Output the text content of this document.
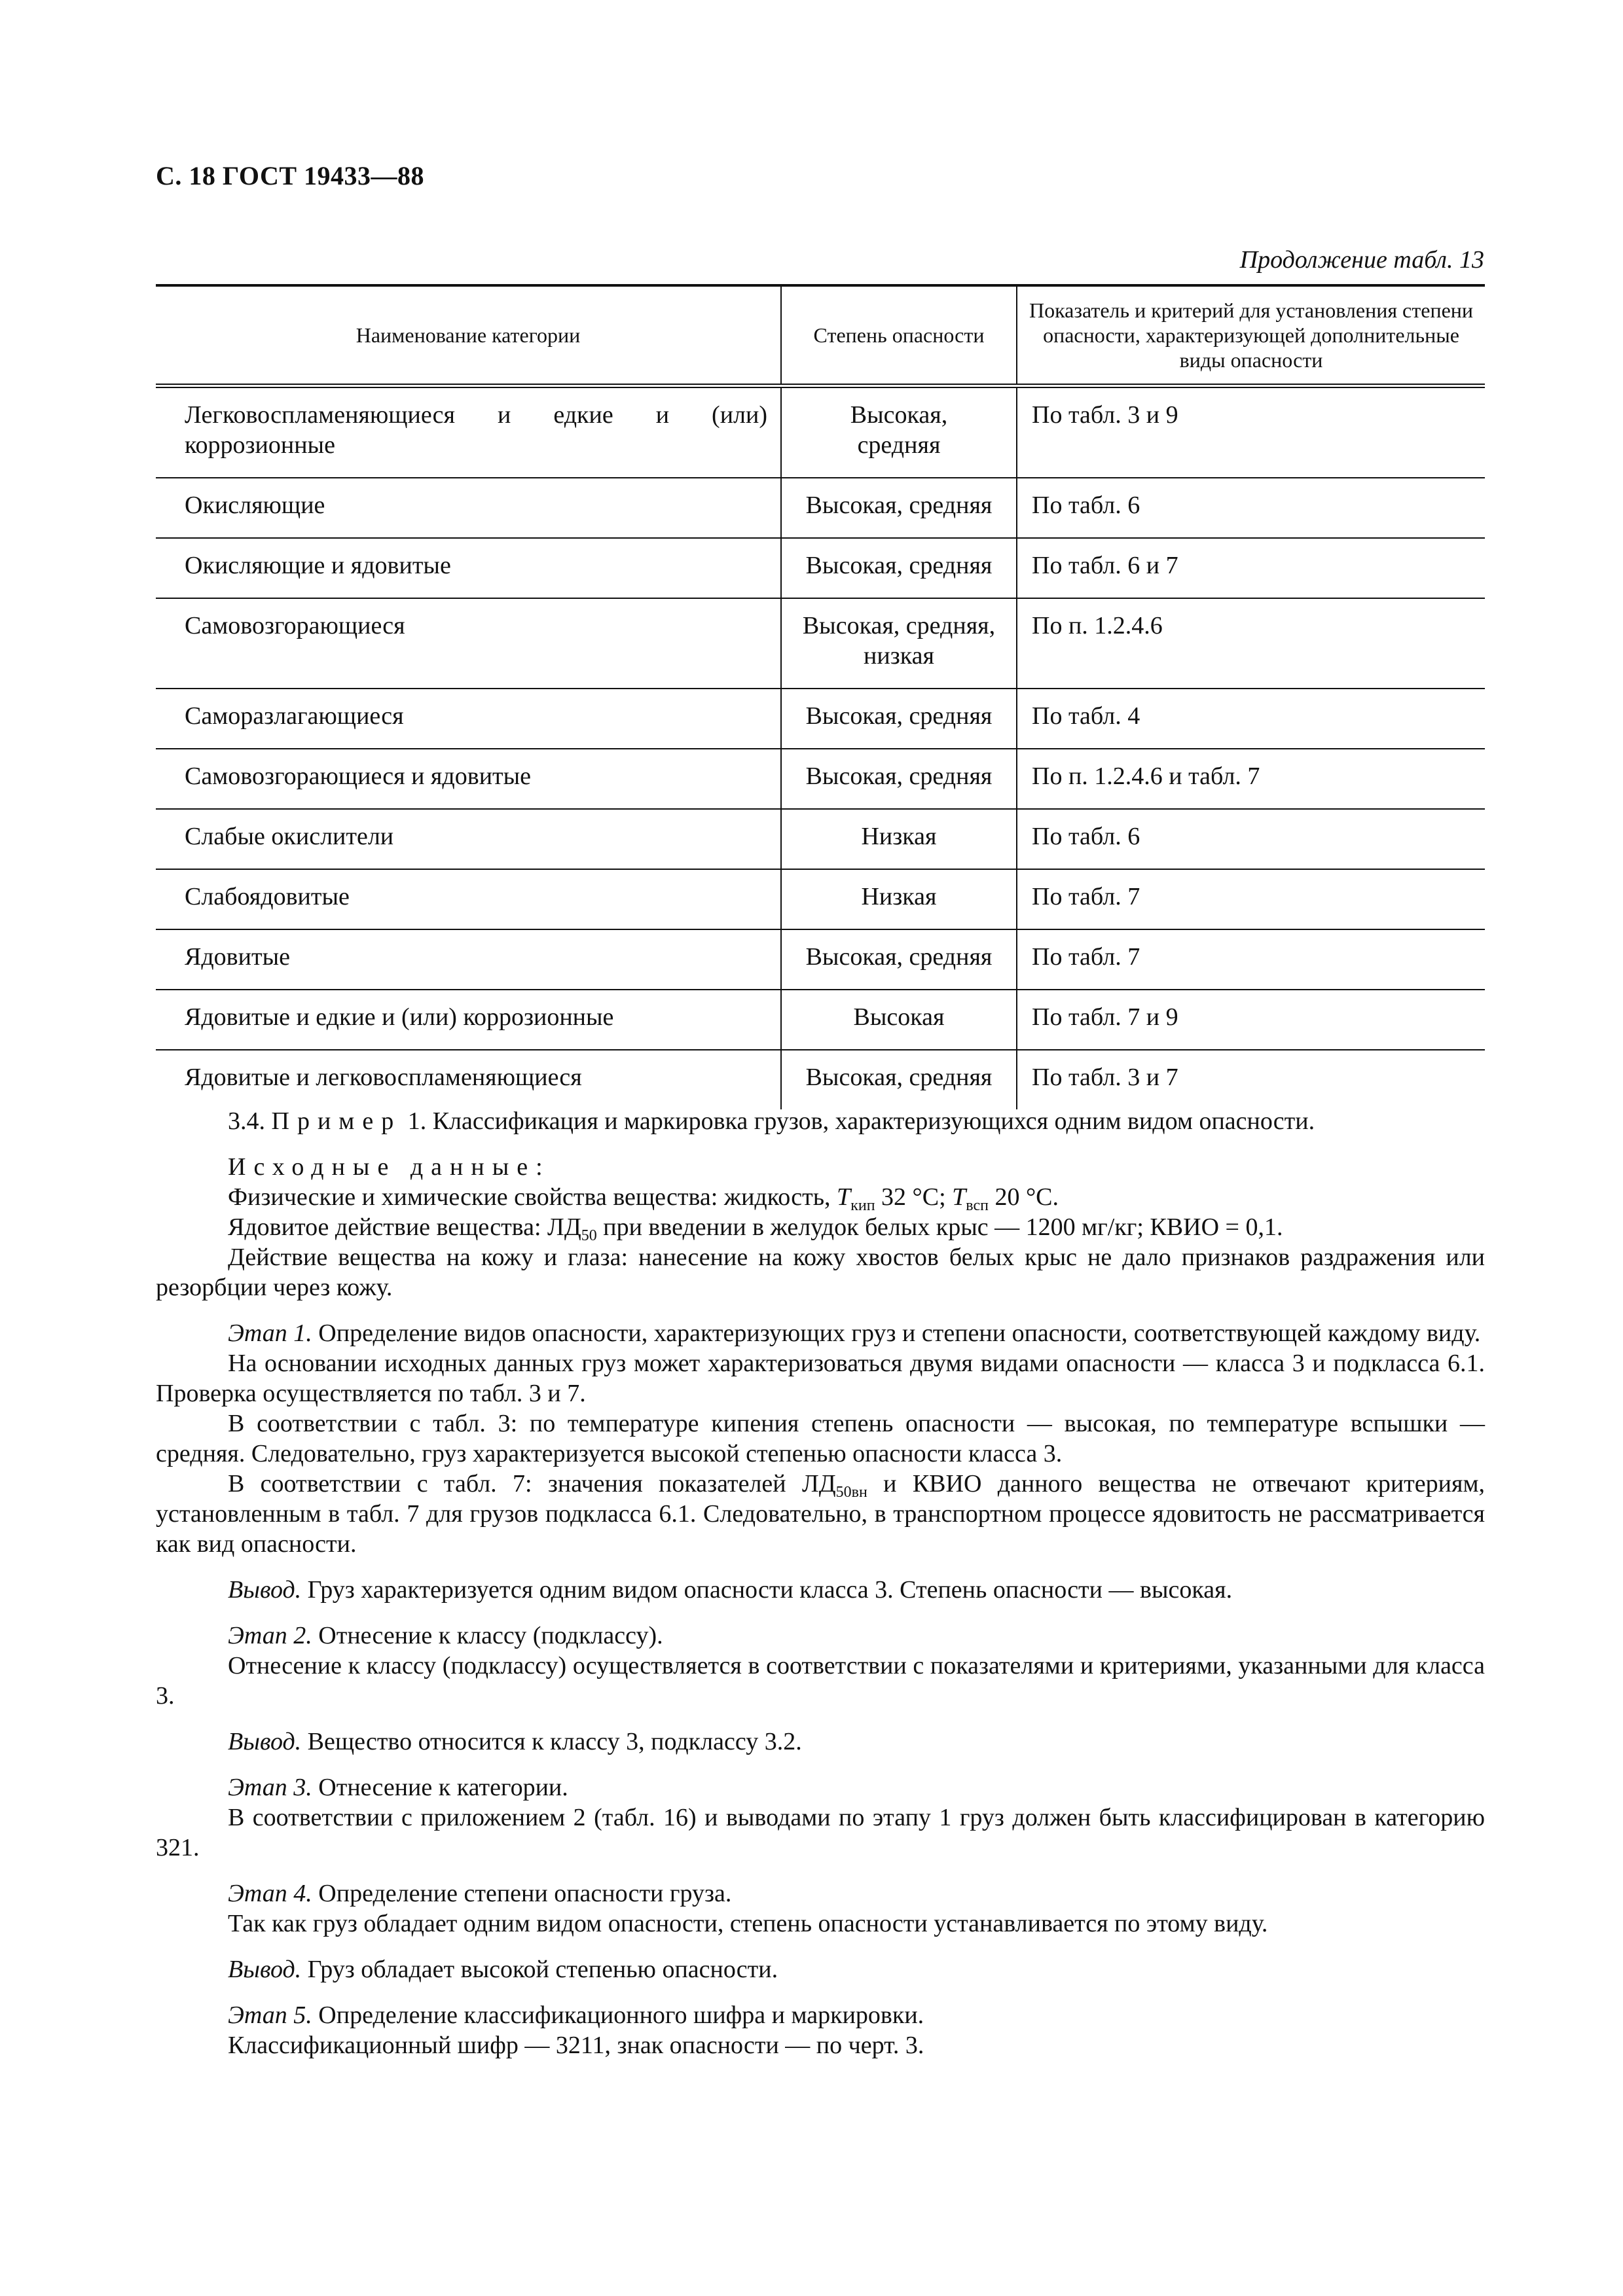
С. 18 ГОСТ 19433—88
Продолжение табл. 13
Наименование категории	Степень опасности	Показатель и критерий для установления степени опасности, характеризующей дополнительные виды опасности
Легковоспламеняющиеся и едкие и (или) коррозионные	Высокая, средняя	По табл. 3 и 9
Окисляющие	Высокая, средняя	По табл. 6
Окисляющие и ядовитые	Высокая, средняя	По табл. 6 и 7
Самовозгорающиеся	Высокая, средняя, низкая	По п. 1.2.4.6
Саморазлагающиеся	Высокая, средняя	По табл. 4
Самовозгорающиеся и ядовитые	Высокая, средняя	По п. 1.2.4.6 и табл. 7
Слабые окислители	Низкая	По табл. 6
Слабоядовитые	Низкая	По табл. 7
Ядовитые	Высокая, средняя	По табл. 7
Ядовитые и едкие и (или) коррозионные	Высокая	По табл. 7 и 9
Ядовитые и легковоспламеняющиеся	Высокая, средняя	По табл. 3 и 7

3.4. Пример 1. Классификация и маркировка грузов, характеризующихся одним видом опасности.

Исходные данные:

Физические и химические свойства вещества: жидкость, $T_{кип}$ 32 °С; $T_{всп}$ 20 °С.

Ядовитое действие вещества: $ЛД_{50}$ при введении в желудок белых крыс — 1200 мг/кг; КВИО = 0,1.

Действие вещества на кожу и глаза: нанесение на кожу хвостов белых крыс не дало признаков раздражения или резорбции через кожу.

Этап 1. Определение видов опасности, характеризующих груз и степени опасности, соответствующей каждому виду.

На основании исходных данных груз может характеризоваться двумя видами опасности — класса 3 и подкласса 6.1. Проверка осуществляется по табл. 3 и 7.

В соответствии с табл. 3: по температуре кипения степень опасности — высокая, по температуре вспышки — средняя. Следовательно, груз характеризуется высокой степенью опасности класса 3.

В соответствии с табл. 7: значения показателей $ЛД_{50вн}$ и КВИО данного вещества не отвечают критериям, установленным в табл. 7 для грузов подкласса 6.1. Следовательно, в транспортном процессе ядовитость не рассматривается как вид опасности.

Вывод. Груз характеризуется одним видом опасности класса 3. Степень опасности — высокая.

Этап 2. Отнесение к классу (подклассу).

Отнесение к классу (подклассу) осуществляется в соответствии с показателями и критериями, указанными для класса 3.

Вывод. Вещество относится к классу 3, подклассу 3.2.

Этап 3. Отнесение к категории.

В соответствии с приложением 2 (табл. 16) и выводами по этапу 1 груз должен быть классифицирован в категорию 321.

Этап 4. Определение степени опасности груза.

Так как груз обладает одним видом опасности, степень опасности устанавливается по этому виду.

Вывод. Груз обладает высокой степенью опасности.

Этап 5. Определение классификационного шифра и маркировки.

Классификационный шифр — 3211, знак опасности — по черт. 3.
